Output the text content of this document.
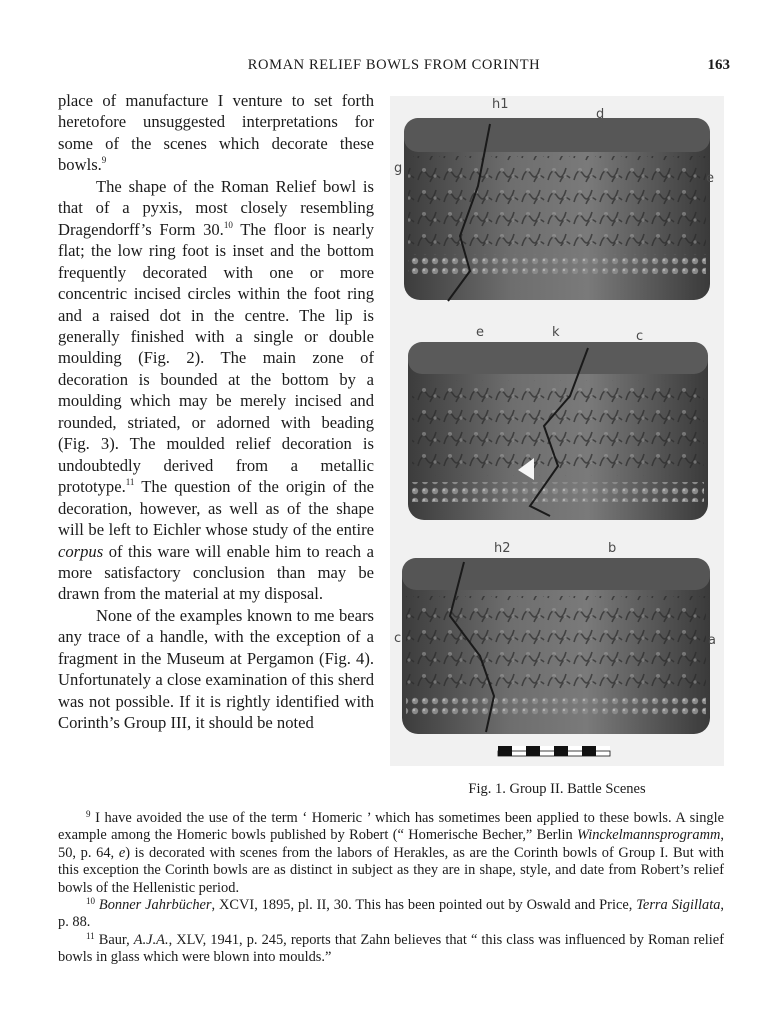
ROMAN RELIEF BOWLS FROM CORINTH	163

place of manufacture I venture to set forth heretofore unsuggested interpretations for some of the scenes which decorate these bowls.$^9$

The shape of the Roman Relief bowl is that of a pyxis, most closely resembling Dragendorff’s Form 30.10 The floor is nearly flat; the low ring foot is inset and the bottom frequently decorated with one or more concentric incised circles within the foot ring and a raised dot in the centre. The lip is generally finished with a single or double moulding (Fig. 2). The main zone of decoration is bounded at the bottom by a moulding which may be merely incised and rounded, striated, or adorned with beading (Fig. 3). The moulded relief decoration is undoubtedly derived from a metallic prototype.$^{11}$ The question of the origin of the decoration, however, as well as of the shape will be left to Eichler whose study of the entire corpus of this ware will enable him to reach a more satisfactory conclusion than may be drawn from the material at my disposal.

None of the examples known to me bears any trace of a handle, with the exception of a fragment in the Museum at Pergamon (Fig. 4). Unfortunately a close examination of this sherd was not possible. If it is rightly identified with Corinth’s Group III, it should be noted

h1
d
g
e
e	k	c
h2	b
c	a
Fig. 1. Group II. Battle Scenes

$^9$ I have avoided the use of the term ‘ Homeric ’ which has sometimes been applied to these bowls. A single example among the Homeric bowls published by Robert (“ Homerische Becher,” Berlin Winckelmannsprogramm, 50, p. 64, e) is decorated with scenes from the labors of Herakles, as are the Corinth bowls of Group I. But with this exception the Corinth bowls are as distinct in subject as they are in shape, style, and date from Robert’s relief bowls of the Hellenistic period.

$^{10}$ Bonner Jahrbücher, XCVI, 1895, pl. II, 30. This has been pointed out by Oswald and Price, Terra Sigillata, p. 88.

$^{11}$ Baur, A.J.A., XLV, 1941, p. 245, reports that Zahn believes that “ this class was influenced by Roman relief bowls in glass which were blown into moulds.”
